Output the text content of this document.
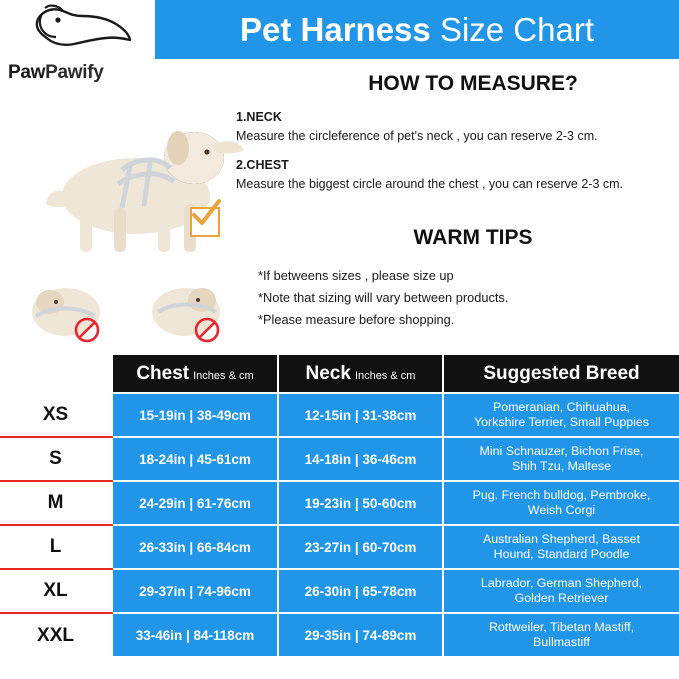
PawPawify
Pet Harness Size Chart
HOW TO MEASURE?
1.NECK
Measure the circleference of pet's neck , you can reserve 2-3 cm.
2.CHEST
Measure the biggest circle around the chest , you can reserve 2-3 cm.
WARM TIPS
*If betweens sizes , please size up
*Note that sizing will vary between products.
*Please measure before shopping.
	Chest Inches & cm	Neck Inches & cm	Suggested Breed
XS	15-19in | 38-49cm	12-15in | 31-38cm	Pomeranian, Chihuahua,
Yorkshire Terrier, Small Puppies
S	18-24in | 45-61cm	14-18in | 36-46cm	Mini Schnauzer, Bichon Frise,
Shih Tzu, Maltese
M	24-29in | 61-76cm	19-23in | 50-60cm	Pug. French bulldog, Pembroke,
Weish Corgi
L	26-33in | 66-84cm	23-27in | 60-70cm	Australian Shepherd, Basset
Hound, Standard Poodle
XL	29-37in | 74-96cm	26-30in | 65-78cm	Labrador, German Shepherd,
Golden Retriever
XXL	33-46in | 84-118cm	29-35in | 74-89cm	Rottweiler, Tibetan Mastiff,
Bullmastiff
